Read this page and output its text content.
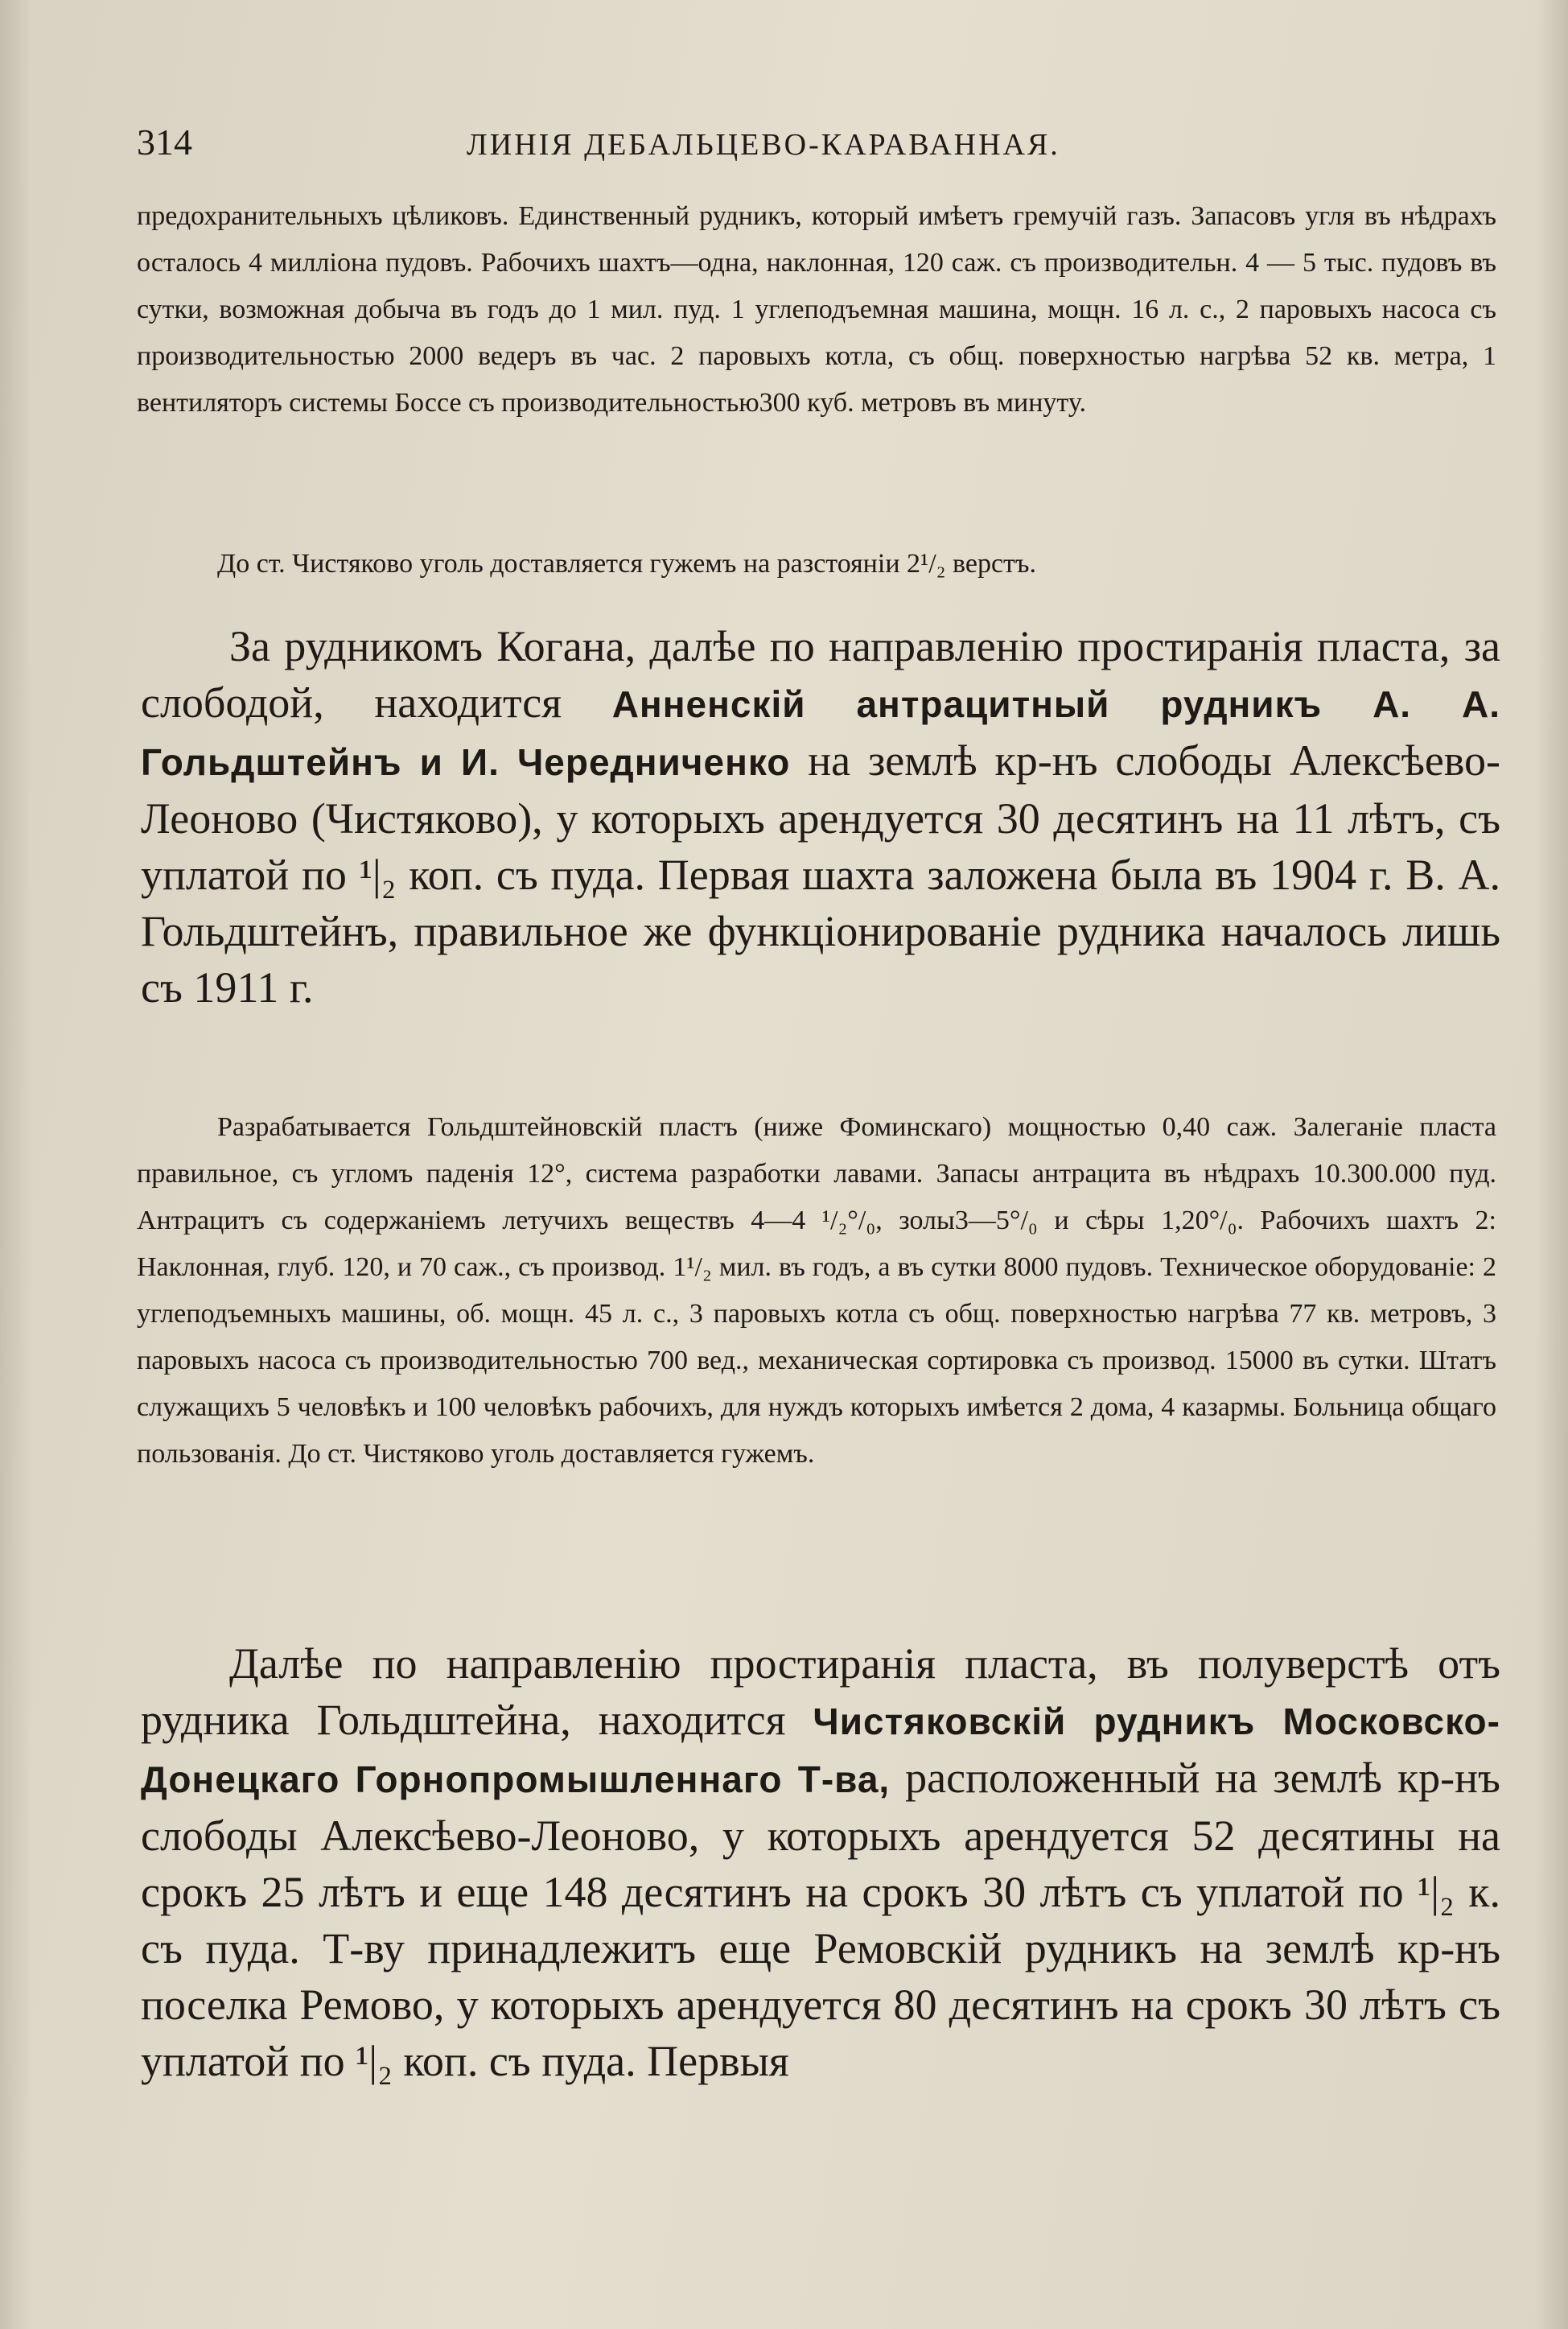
314	ЛИНІЯ ДЕБАЛЬЦЕВО-КАРАВАННАЯ.

предохранительныхъ цѣликовъ. Единственный рудникъ, который имѣетъ гремучій газъ. Запасовъ угля въ нѣдрахъ осталось 4 милліона пудовъ. Рабочихъ шахтъ—одна, наклонная, 120 саж. съ производительн. 4 — 5 тыс. пудовъ въ сутки, возможная добыча въ годъ до 1 мил. пуд. 1 углеподъемная машина, мощн. 16 л. с., 2 паровыхъ насоса съ производительностью 2000 ведеръ въ час. 2 паровыхъ котла, съ общ. поверхностью нагрѣва 52 кв. метра, 1 вентиляторъ системы Боссе съ производительностью300 куб. метровъ въ минуту.

До ст. Чистяково уголь доставляется гужемъ на разстояніи 2¹/₂ верстъ.

За рудникомъ Когана, далѣе по направленію простиранія пласта, за слободой, находится Анненскій антрацитный рудникъ А. А. Гольдштейнъ и И. Чередниченко на землѣ кр-нъ слободы Алексѣево-Леоново (Чистяково), у которыхъ арендуется 30 десятинъ на 11 лѣтъ, съ уплатой по ¹|₂ коп. съ пуда. Первая шахта заложена была въ 1904 г. В. А. Гольдштейнъ, правильное же функціонированіе рудника началось лишь съ 1911 г.

Разрабатывается Гольдштейновскій пластъ (ниже Фоминскаго) мощностью 0,40 саж. Залеганіе пласта правильное, съ угломъ паденія 12°, система разработки лавами. Запасы антрацита въ нѣдрахъ 10.300.000 пуд. Антрацитъ съ содержаніемъ летучихъ веществъ 4—4 ¹/₂°/₀, золы3—5°/₀ и сѣры 1,20°/₀. Рабочихъ шахтъ 2: Наклонная, глуб. 120, и 70 саж., съ производ. 1¹/₂ мил. въ годъ, а въ сутки 8000 пудовъ. Техническое оборудованіе: 2 углеподъемныхъ машины, об. мощн. 45 л. с., 3 паровыхъ котла съ общ. поверхностью нагрѣва 77 кв. метровъ, 3 паровыхъ насоса съ производительностью 700 вед., механическая сортировка съ производ. 15000 въ сутки. Штатъ служащихъ 5 человѣкъ и 100 человѣкъ рабочихъ, для нуждъ которыхъ имѣется 2 дома, 4 казармы. Больница общаго пользованія. До ст. Чистяково уголь доставляется гужемъ.

Далѣе по направленію простиранія пласта, въ полуверстѣ отъ рудника Гольдштейна, находится Чистяковскій рудникъ Московско-Донецкаго Горнопромышленнаго Т-ва, расположенный на землѣ кр-нъ слободы Алексѣево-Леоново, у которыхъ арендуется 52 десятины на срокъ 25 лѣтъ и еще 148 десятинъ на срокъ 30 лѣтъ съ уплатой по ¹|₂ к. съ пуда. Т-ву принадлежитъ еще Ремовскій рудникъ на землѣ кр-нъ поселка Ремово, у которыхъ арендуется 80 десятинъ на срокъ 30 лѣтъ съ уплатой по ¹|₂ коп. съ пуда. Первыя
